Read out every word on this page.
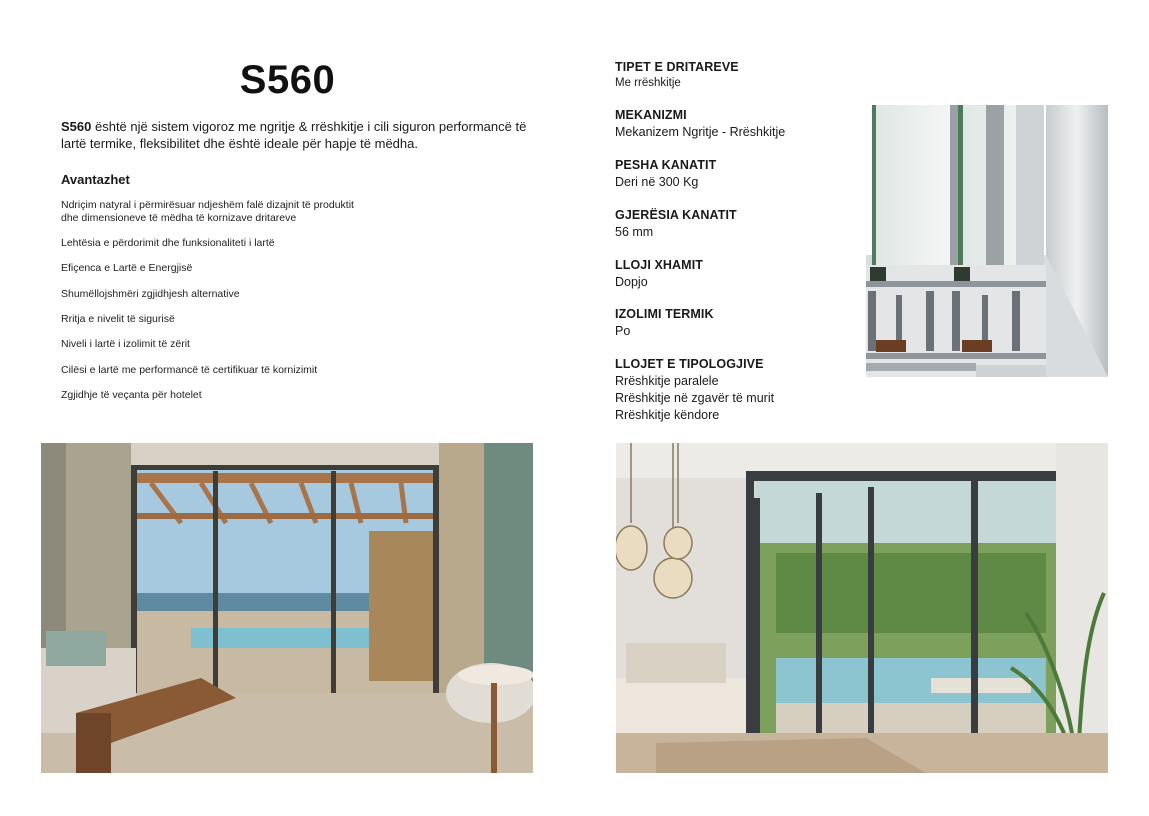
S560
S560 është një sistem vigoroz me ngritje & rrëshkitje i cili siguron performancë të lartë termike, fleksibilitet dhe është ideale për hapje të mëdha.
Avantazhet
Ndriçim natyral i përmirësuar ndjeshëm falë dizajnit të produktit
dhe dimensioneve të mëdha të kornizave dritareve
Lehtësia e përdorimit dhe funksionaliteti i lartë
Efiçenca e Lartë e Energjisë
Shumëllojshmëri zgjidhjesh alternative
Rritja e nivelit të sigurisë
Niveli i lartë i izolimit të zërit
Cilësi e lartë me performancë të certifikuar të kornizimit
Zgjidhje të veçanta për hotelet
TIPET E DRITAREVE
Me rrëshkitje
MEKANIZMI
Mekanizem Ngritje - Rrëshkitje
PESHA KANATIT
Deri në 300 Kg
GJERËSIA KANATIT
56 mm
LLOJI XHAMIT
Dopjo
IZOLIMI TERMIK
Po
LLOJET E TIPOLOGJIVE
Rrëshkitje paralele
Rrëshkitje në zgavër të murit
Rrëshkitje këndore
